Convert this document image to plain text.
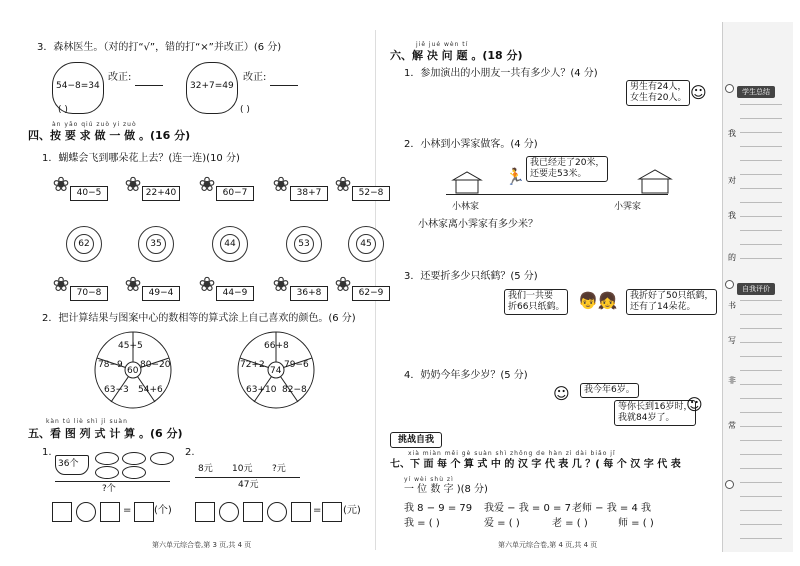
3．森林医生。（对的打“√”，错的打“×”并改正）(6 分)
54−8=34
( )
改正:
32+7=49
( )
改正:
àn yāo qiú zuò yi zuò
四、按 要 求 做 一 做 。(16 分)
1．蝴蝶会飞到哪朵花上去？(连一连)(10 分)
2．把计算结果与图案中心的数相等的算式涂上自己喜欢的颜色。(6 分)
60
45+5
80−20
54+6
63−3
78−9
74
66+8
79−6
82−8
63+10
72+2
kàn tú liè shì jì suàn
五、看 图 列 式 计 算 。(6 分)
1.
36个
?个
2.
8元 10元 ?元
47元
= (个)	= (元)
第六单元综合卷,第 3 页,共 4 页
jiě jué wèn tí
六、解 决 问 题 。(18 分)
1．参加演出的小朋友一共有多少人？(4 分)
男生有24人，
女生有20人。 ☺
2．小林到小霁家做客。(4 分)
我已经走了20米，
还要走53米。
🏃
小林家	小霁家
小林家离小霁家有多少米？
3．还要折多少只纸鹤？(5 分)
我们一共要
折66只纸鹤。 👦👧 我折好了50只纸鹤，
还有了14朵花。
4．奶奶今年多少岁？(5 分)
☺	我今年6岁。
等你长到16岁时，
我就84岁了。
☺
挑战自我
xià miàn měi gè suàn shì zhōng de hàn zì dài biǎo jǐ
七、下 面 每 个 算 式 中 的 汉 字 代 表 几 ？( 每 个 汉 字 代 表
yí wèi shù zì
一 位 数 字 )(8 分)
我 8 − 9 = 79 我爱 − 我 = 0 = 7 老师 − 我 = 4 我
我 = ( )	爱 = ( )	老 = ( )	师 = ( )
第六单元综合卷,第 4 页,共 4 页
学生总结
自我评价
❀ 40−5	❀ 22+40 ❀ 60−7	❀ 38+7 ❀ 52−8
62	35	44	53	45
❀ 70−8	❀ 49−4	❀ 44−9	❀ 36+8 ❀ 62−9
我
对
我
的
书
写
非
常
